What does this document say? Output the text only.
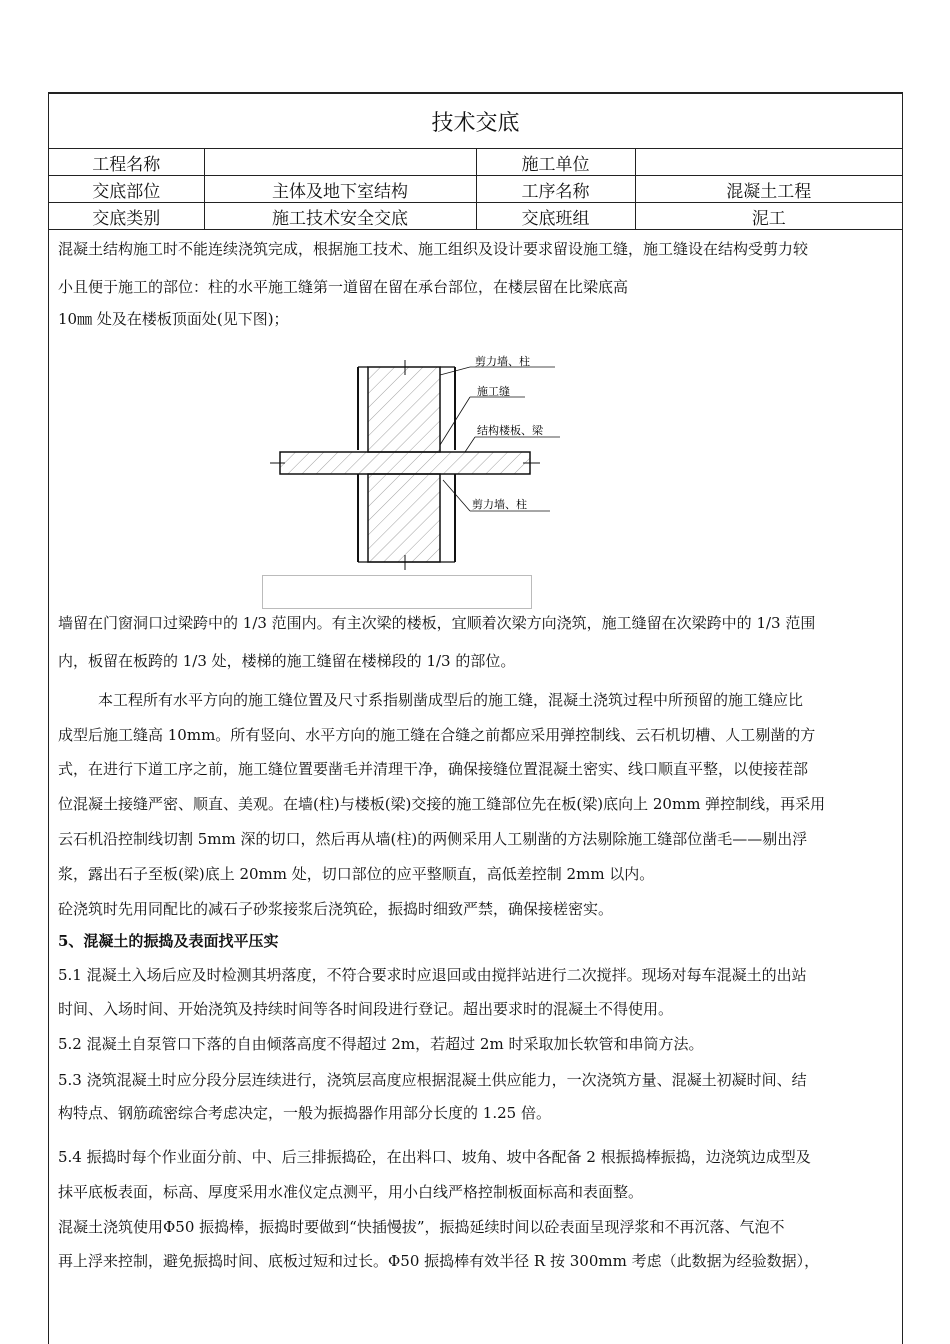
技术交底
工程名称		施工单位	
交底部位	主体及地下室结构	工序名称	混凝土工程
交底类别	施工技术安全交底	交底班组	泥工
混凝土结构施工时不能连续浇筑完成，根据施工技术、施工组织及设计要求留设施工缝，施工缝设在结构受剪力较
小且便于施工的部位：柱的水平施工缝第一道留在留在承台部位，在楼层留在比梁底高
10㎜ 处及在楼板顶面处(见下图)；
剪力墙、柱
施工缝
结构楼板、梁
剪力墙、柱
墙留在门窗洞口过梁跨中的 1/3 范围内。有主次梁的楼板，宜顺着次梁方向浇筑，施工缝留在次梁跨中的 1/3 范围
内，板留在板跨的 1/3 处，楼梯的施工缝留在楼梯段的 1/3 的部位。
本工程所有水平方向的施工缝位置及尺寸系指剔凿成型后的施工缝，混凝土浇筑过程中所预留的施工缝应比
成型后施工缝高 10mm。所有竖向、水平方向的施工缝在合缝之前都应采用弹控制线、云石机切槽、人工剔凿的方
式，在进行下道工序之前，施工缝位置要凿毛并清理干净，确保接缝位置混凝土密实、线口顺直平整，以使接茬部
位混凝土接缝严密、顺直、美观。在墙(柱)与楼板(梁)交接的施工缝部位先在板(梁)底向上 20mm 弹控制线，再采用
云石机沿控制线切割 5mm 深的切口，然后再从墙(柱)的两侧采用人工剔凿的方法剔除施工缝部位凿毛——剔出浮
浆，露出石子至板(梁)底上 20mm 处，切口部位的应平整顺直，高低差控制 2mm 以内。
砼浇筑时先用同配比的减石子砂浆接浆后浇筑砼，振捣时细致严禁，确保接槎密实。
5、混凝土的振捣及表面找平压实
5.1 混凝土入场后应及时检测其坍落度，不符合要求时应退回或由搅拌站进行二次搅拌。现场对每车混凝土的出站
时间、入场时间、开始浇筑及持续时间等各时间段进行登记。超出要求时的混凝土不得使用。
5.2 混凝土自泵管口下落的自由倾落高度不得超过 2m，若超过 2m 时采取加长软管和串筒方法。
5.3 浇筑混凝土时应分段分层连续进行，浇筑层高度应根据混凝土供应能力，一次浇筑方量、混凝土初凝时间、结
构特点、钢筋疏密综合考虑决定，一般为振捣器作用部分长度的 1.25 倍。
5.4 振捣时每个作业面分前、中、后三排振捣砼，在出料口、坡角、坡中各配备 2 根振捣棒振捣，边浇筑边成型及
抹平底板表面，标高、厚度采用水准仪定点测平，用小白线严格控制板面标高和表面整。
混凝土浇筑使用Φ50 振捣棒，振捣时要做到“快插慢拔”，振捣延续时间以砼表面呈现浮浆和不再沉落、气泡不
再上浮来控制，避免振捣时间、底板过短和过长。Φ50 振捣棒有效半径 R 按 300mm 考虑（此数据为经验数据），
